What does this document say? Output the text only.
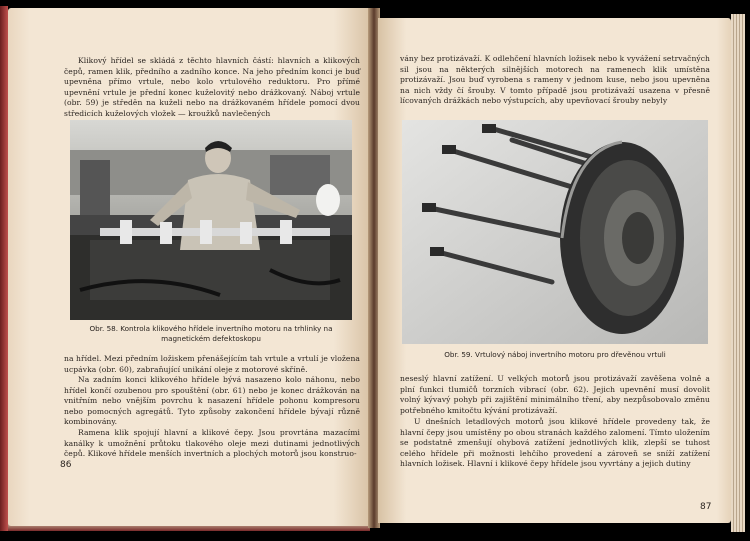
Klikový hřídel se skládá z těchto hlavních částí: hlavních a klikových čepů, ramen klik, předního a zadního konce. Na jeho předním konci je buď upevněna přímo vrtule, nebo kolo vrtulového reduktoru. Pro přímé upevnění vrtule je přední konec kuželovitý nebo drážkovaný. Náboj vrtule (obr. 59) je středěn na kuželi nebo na drážkovaném hřídele pomocí dvou středicích kuželových vložek — kroužků navlečených

Obr. 58. Kontrola klikového hřídele invertního motoru na trhlinky na magnetickém defektoskopu

na hřídel. Mezi předním ložiskem přenášejícím tah vrtule a vrtulí je vložena ucpávka (obr. 60), zabraňující unikání oleje z motorové skříně.

Na zadním konci klikového hřídele bývá nasazeno kolo náhonu, nebo hřídel končí ozubenou pro spouštění (obr. 61) nebo je konec drážkován na vnitřním nebo vnějším povrchu k nasazení hřídele pohonu kompresoru nebo pomocných agregátů. Tyto způsoby zakončení hřídele bývají různě kombinovány.

Ramena klik spojují hlavní a klikové čepy. Jsou provrtána mazacími kanálky k umožnění průtoku tlakového oleje mezi dutinami jednotlivých čepů. Klikové hřídele menších invertních a plochých motorů jsou konstruo-

86

vány bez protizávaží. K odlehčení hlavních ložisek nebo k vyvážení setrvačných sil jsou na některých silnějších motorech na ramenech klik umístěna protizávaží. Jsou buď vyrobena s rameny v jednom kuse, nebo jsou upevněna na nich vždy čí šrouby. V tomto případě jsou protizávaží usazena v přesně lícovaných drážkách nebo výstupcích, aby upevňovací šrouby nebyly

Obr. 59. Vrtulový náboj invertního motoru pro dřevěnou vrtuli

neseslý hlavní zatížení. U velkých motorů jsou protizávaží zavěšena volně a plní funkci tlumičů torzních vibrací (obr. 62). Jejich upevnění musí dovolit volný kývavý pohyb při zajištění minimálního tření, aby nezpůsobovalo změnu potřebného kmitočtu kývání protizávaží.

U dnešních letadlových motorů jsou klikové hřídele provedeny tak, že hlavní čepy jsou umístěny po obou stranách každého zalomení. Tímto uložením se podstatně zmenšují ohybová zatížení jednotlivých klik, zlepší se tuhost celého hřídele při možnosti lehčího provedení a zároveň se sníží zatížení hlavních ložisek. Hlavní i klikové čepy hřídele jsou vyvrtány a jejich dutiny

87
